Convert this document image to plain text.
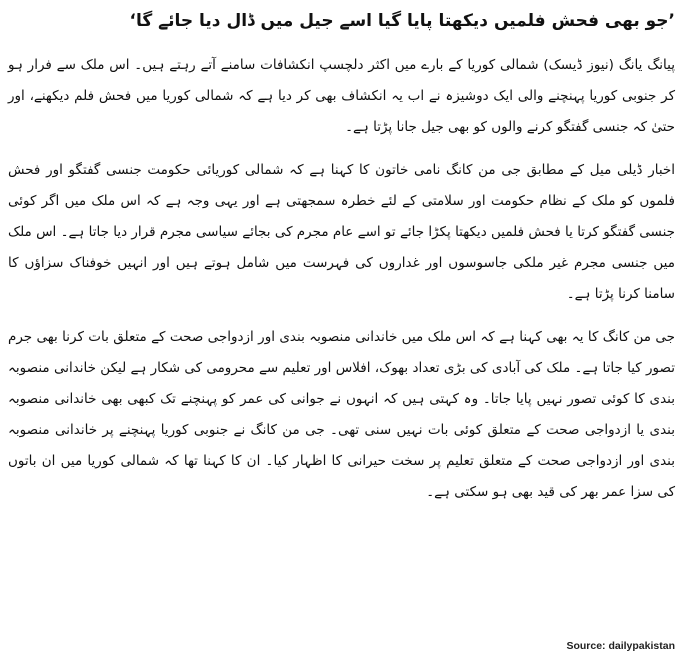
’جو بھی فحش فلمیں دیکھتا پایا گیا اسے جیل میں ڈال دیا جائے گا‘

پیانگ یانگ (نیوز ڈیسک) شمالی کوریا کے بارے میں اکثر دلچسپ انکشافات سامنے آتے رہتے ہیں۔ اس ملک سے فرار ہو کر جنوبی کوریا پہنچنے والی ایک دوشیزہ نے اب یہ انکشاف بھی کر دیا ہے کہ شمالی کوریا میں فحش فلم دیکھنے، اور حتیٰ کہ جنسی گفتگو کرنے والوں کو بھی جیل جانا پڑتا ہے۔

اخبار ڈیلی میل کے مطابق جی من کانگ نامی خاتون کا کہنا ہے کہ شمالی کوریائی حکومت جنسی گفتگو اور فحش فلموں کو ملک کے نظام حکومت اور سلامتی کے لئے خطرہ سمجھتی ہے اور یہی وجہ ہے کہ اس ملک میں اگر کوئی جنسی گفتگو کرتا یا فحش فلمیں دیکھتا پکڑا جائے تو اسے عام مجرم کی بجائے سیاسی مجرم قرار دیا جاتا ہے۔ اس ملک میں جنسی مجرم غیر ملکی جاسوسوں اور غداروں کی فہرست میں شامل ہوتے ہیں اور انہیں خوفناک سزاؤں کا سامنا کرنا پڑتا ہے۔

جی من کانگ کا یہ بھی کہنا ہے کہ اس ملک میں خاندانی منصوبہ بندی اور ازدواجی صحت کے متعلق بات کرنا بھی جرم تصور کیا جاتا ہے۔ ملک کی آبادی کی بڑی تعداد بھوک، افلاس اور تعلیم سے محرومی کی شکار ہے لیکن خاندانی منصوبہ بندی کا کوئی تصور نہیں پایا جاتا۔ وہ کہتی ہیں کہ انہوں نے جوانی کی عمر کو پہنچنے تک کبھی بھی خاندانی منصوبہ بندی یا ازدواجی صحت کے متعلق کوئی بات نہیں سنی تھی۔ جی من کانگ نے جنوبی کوریا پہنچنے پر خاندانی منصوبہ بندی اور ازدواجی صحت کے متعلق تعلیم پر سخت حیرانی کا اظہار کیا۔ ان کا کہنا تھا کہ شمالی کوریا میں ان باتوں کی سزا عمر بھر کی قید بھی ہو سکتی ہے۔

Source: dailypakistan
